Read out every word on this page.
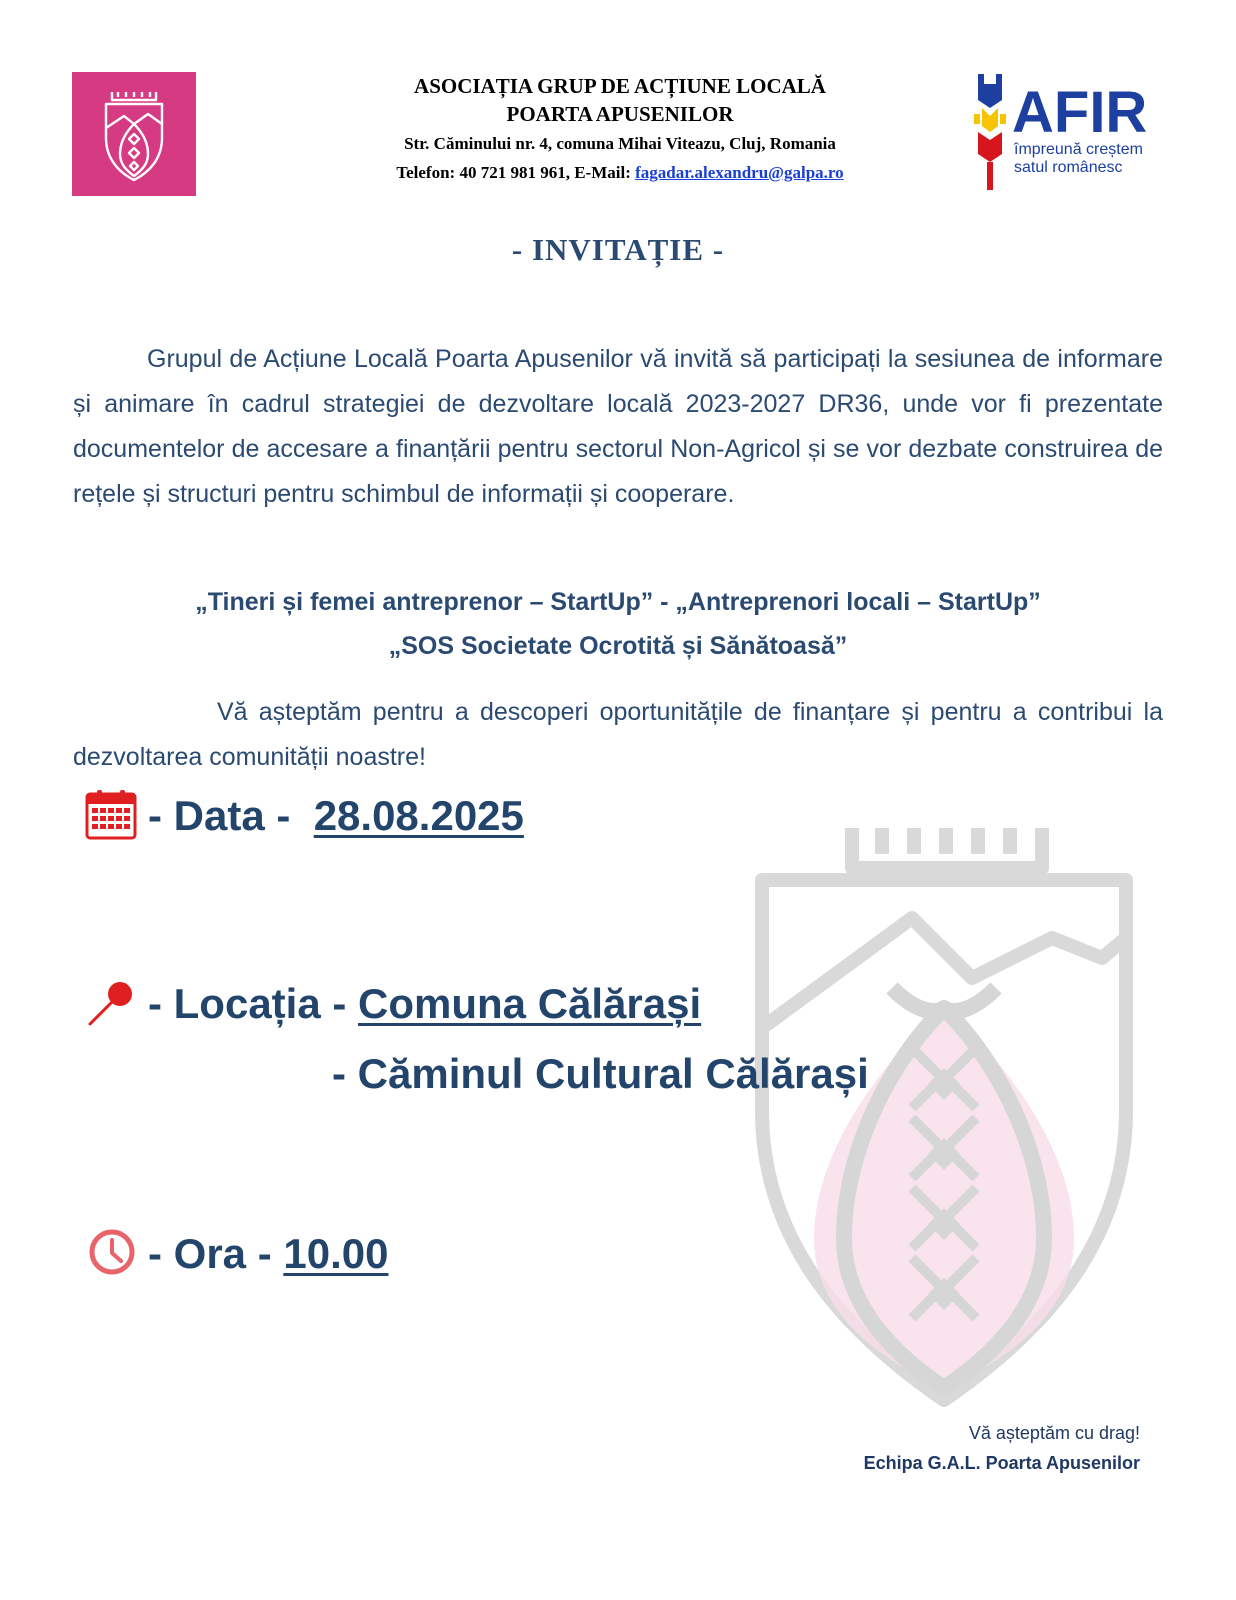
ASOCIAȚIA GRUP DE ACȚIUNE LOCALĂ
POARTA APUSENILOR
Str. Căminului nr. 4, comuna Mihai Viteazu, Cluj, Romania
Telefon: 40 721 981 961, E-Mail: fagadar.alexandru@galpa.ro
AFIR
împreună creștem
satul românesc
- INVITAȚIE -
Grupul de Acțiune Locală Poarta Apusenilor vă invită să participați la sesiunea de informare și animare în cadrul strategiei de dezvoltare locală 2023-2027 DR36, unde vor fi prezentate documentelor de accesare a finanțării pentru sectorul Non-Agricol și se vor dezbate construirea de rețele și structuri pentru schimbul de informații și cooperare.
„Tineri și femei antreprenor – StartUp” - „Antreprenori locali – StartUp”
„SOS Societate Ocrotită și Sănătoasă”
Vă așteptăm pentru a descoperi oportunitățile de finanțare și pentru a contribui la dezvoltarea comunității noastre!
- Data -  28.08.2025
- Locația - Comuna Călărași
- Căminul Cultural Călărași
- Ora - 10.00
Vă așteptăm cu drag!
Echipa G.A.L. Poarta Apusenilor
